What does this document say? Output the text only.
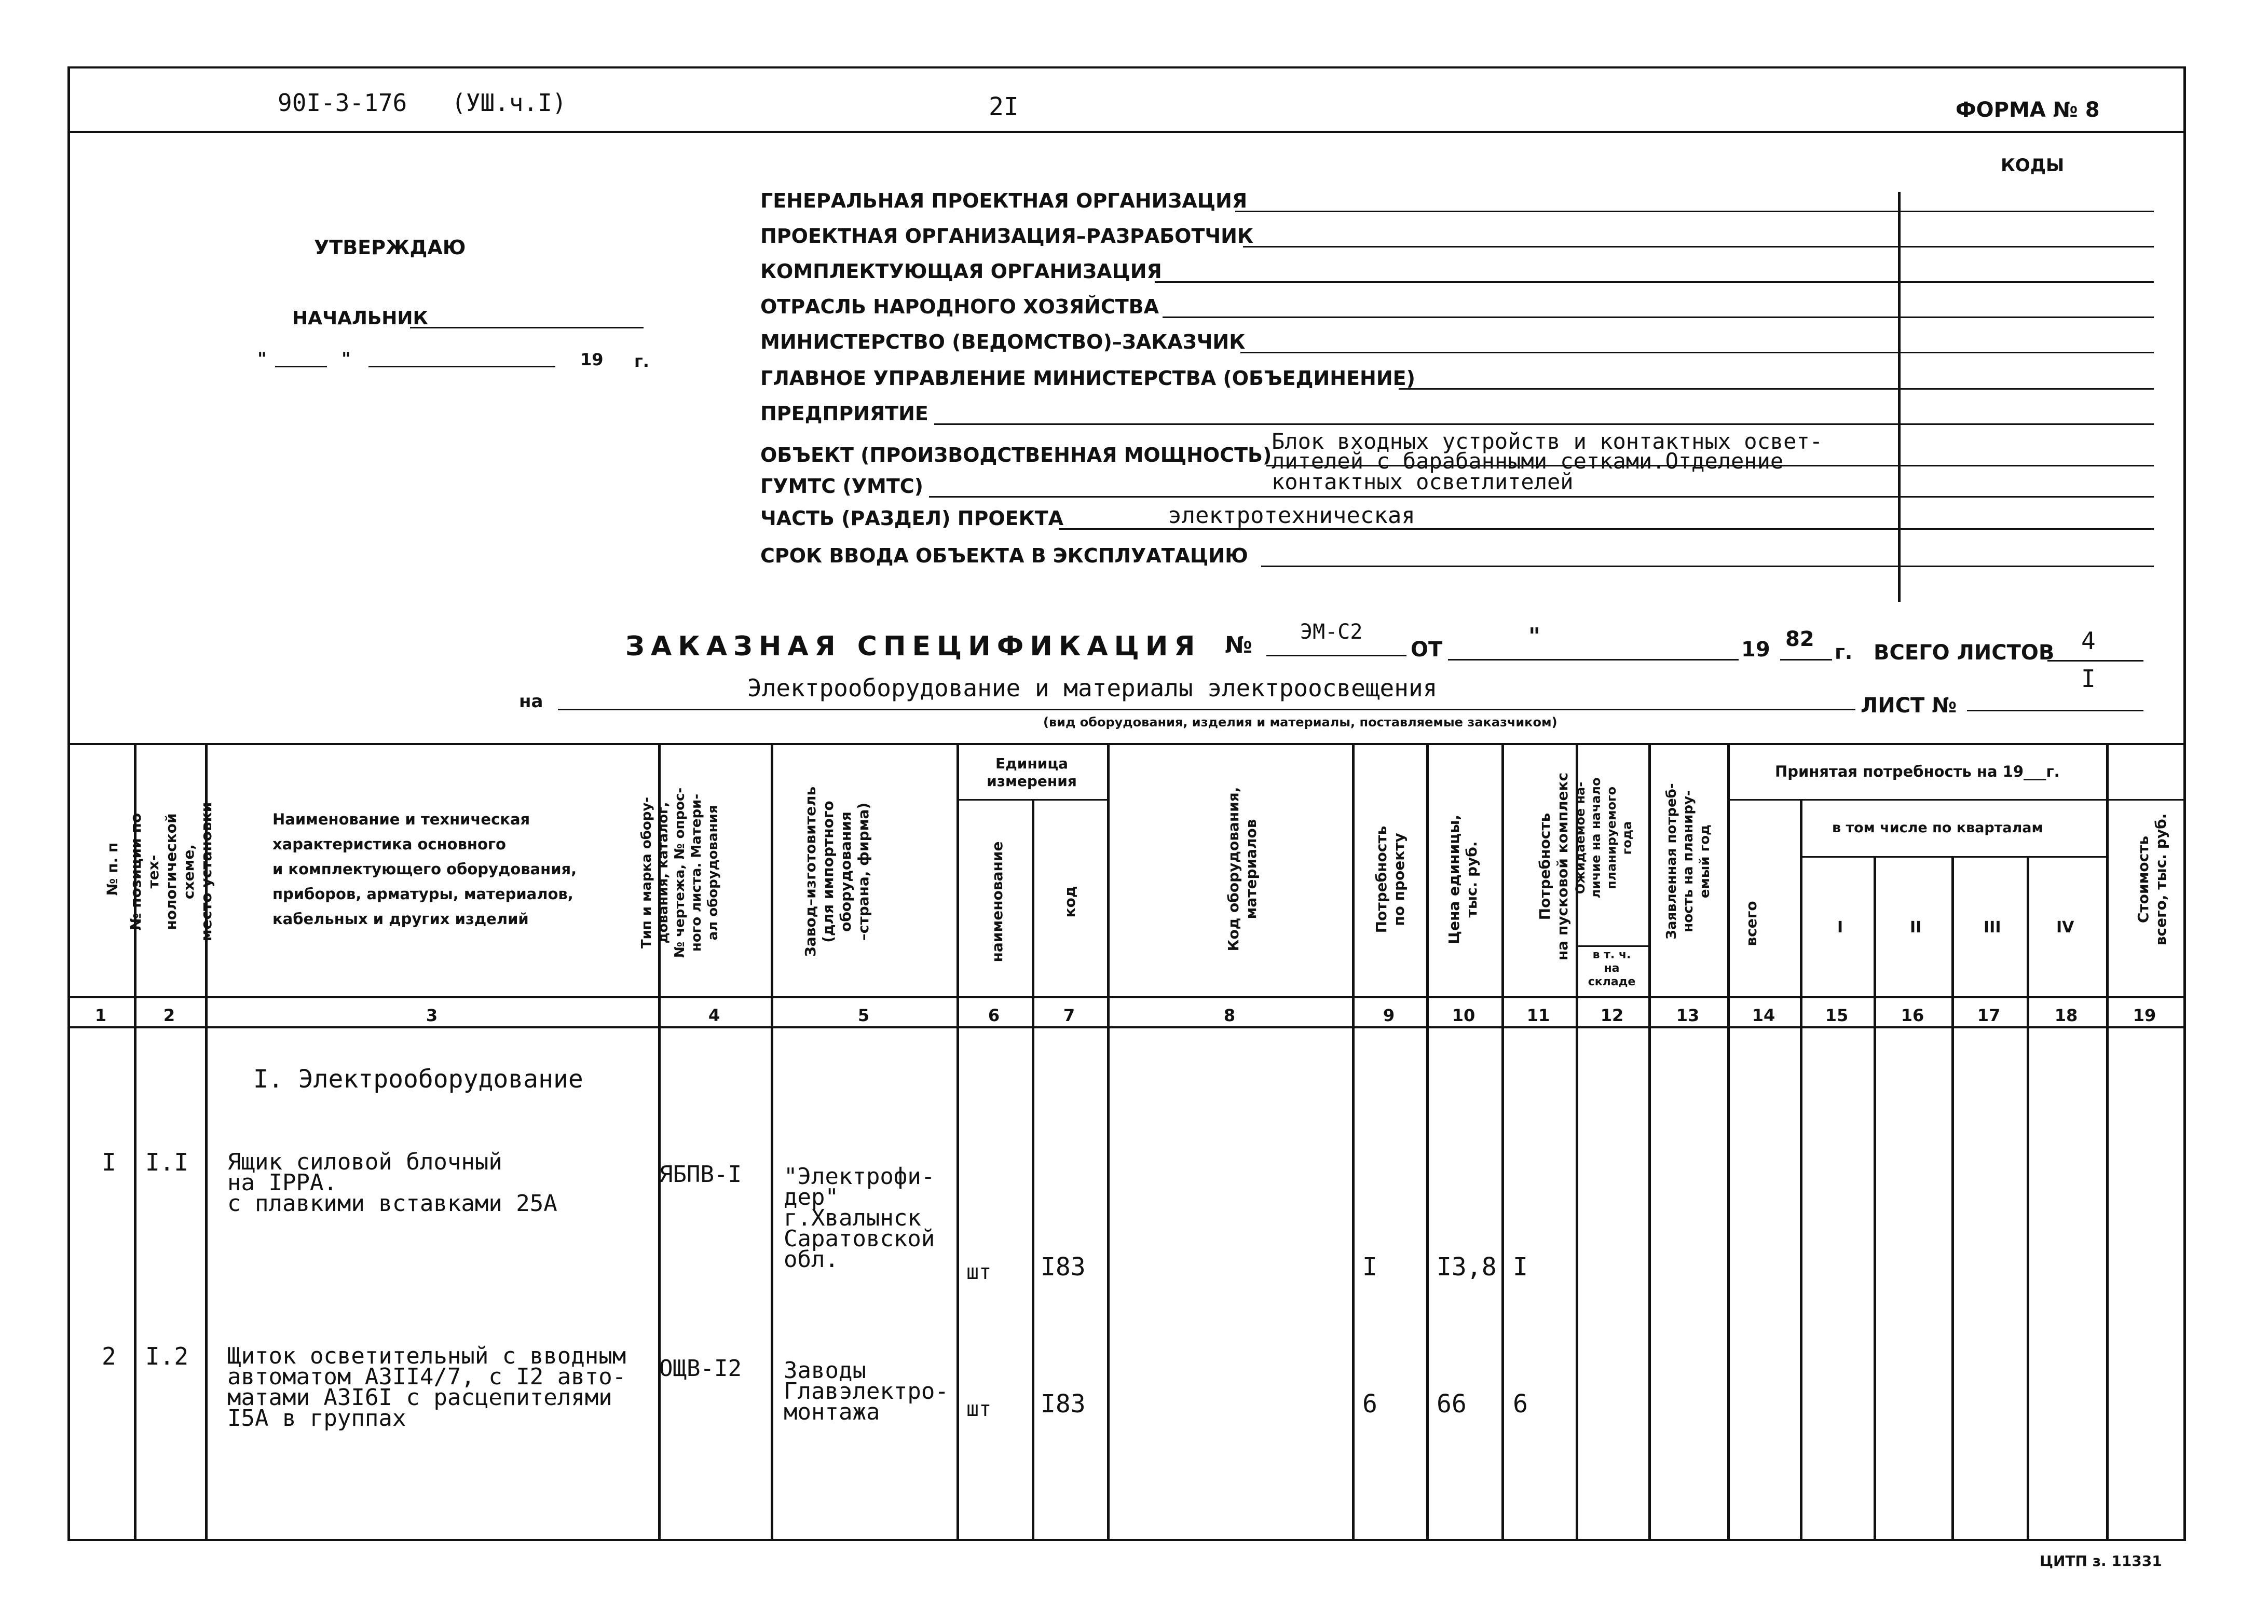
90I-3-176 (УШ.ч.I)	2I	ФОРМА № 8
УТВЕРЖДАЮ
НАЧАЛЬНИК
"	"	19 г.
КОДЫ
ГЕНЕРАЛЬНАЯ ПРОЕКТНАЯ ОРГАНИЗАЦИЯ
ПРОЕКТНАЯ ОРГАНИЗАЦИЯ–РАЗРАБОТЧИК
КОМПЛЕКТУЮЩАЯ ОРГАНИЗАЦИЯ
ОТРАСЛЬ НАРОДНОГО ХОЗЯЙСТВА
МИНИСТЕРСТВО (ВЕДОМСТВО)–ЗАКАЗЧИК
ГЛАВНОЕ УПРАВЛЕНИЕ МИНИСТЕРСТВА (ОБЪЕДИНЕНИЕ)
ПРЕДПРИЯТИЕ
ОБЪЕКТ (ПРОИЗВОДСТВЕННАЯ МОЩНОСТЬ)
ГУМТС (УМТС)
ЧАСТЬ (РАЗДЕЛ) ПРОЕКТА	электротехническая
СРОК ВВОДА ОБЪЕКТА В ЭКСПЛУАТАЦИЮ
Блок входных устройств и контактных освет-
лителей с барабанными сетками.Отделение
контактных осветлителей
ЗАКАЗНАЯ СПЕЦИФИКАЦИЯ № ЭМ-С2
ОТ	"	19 82
г. ВСЕГО ЛИСТОВ 4
на	Электрооборудование и материалы электроосвещения
ЛИСТ №
I
(вид оборудования, изделия и материалы, поставляемые заказчиком)
№ п. п
№ позиции по тех-
нологической схеме,
место установки	Наименование и техническая
характеристика основного
и комплектующего оборудования,
приборов, арматуры, материалов,
кабельных и других изделий
Тип и марка обору-
дования, каталог,
№ чертежа, № опрос-
ного листа. Матери-
ал оборудования	Завод–изготовитель
(для импортного
оборудования
–страна, фирма)
Единица
измерения
наименование	код
Код оборудования,
материалов	Потребность
по проекту
Цена единицы,
тыс. руб.	Потребность
на пусковой комплекс Ожидаемое на-
личие на начало
планируемого
года
в т. ч.
на
складе
Заявленная потреб-
ность на планиру-
емый год
Принятая потребность на 19___г.
всего
в том числе по кварталам
I	II	III	IV
Стоимость
всего, тыс. руб.
1	2	3	4	5	6	7	8	9	10	11	12	13	14	15	16	17	18	19
I. Электрооборудование
I I.I Ящик силовой блочный
на IPPA.
с плавкими вставками 25А
ЯБПВ-I "Электрофи-
дер"
г.Хвалынск
Саратовской
обл.	шт I83	I I3,8 I
2 I.2 Щиток осветительный с вводным
автоматом АЗII4/7, с I2 авто-
матами АЗI6I с расцепителями
I5А в группах
ОЩВ-I2 Заводы
Главэлектро-
монтажа	шт I83	6 66 6
ЦИТП з. 11331
